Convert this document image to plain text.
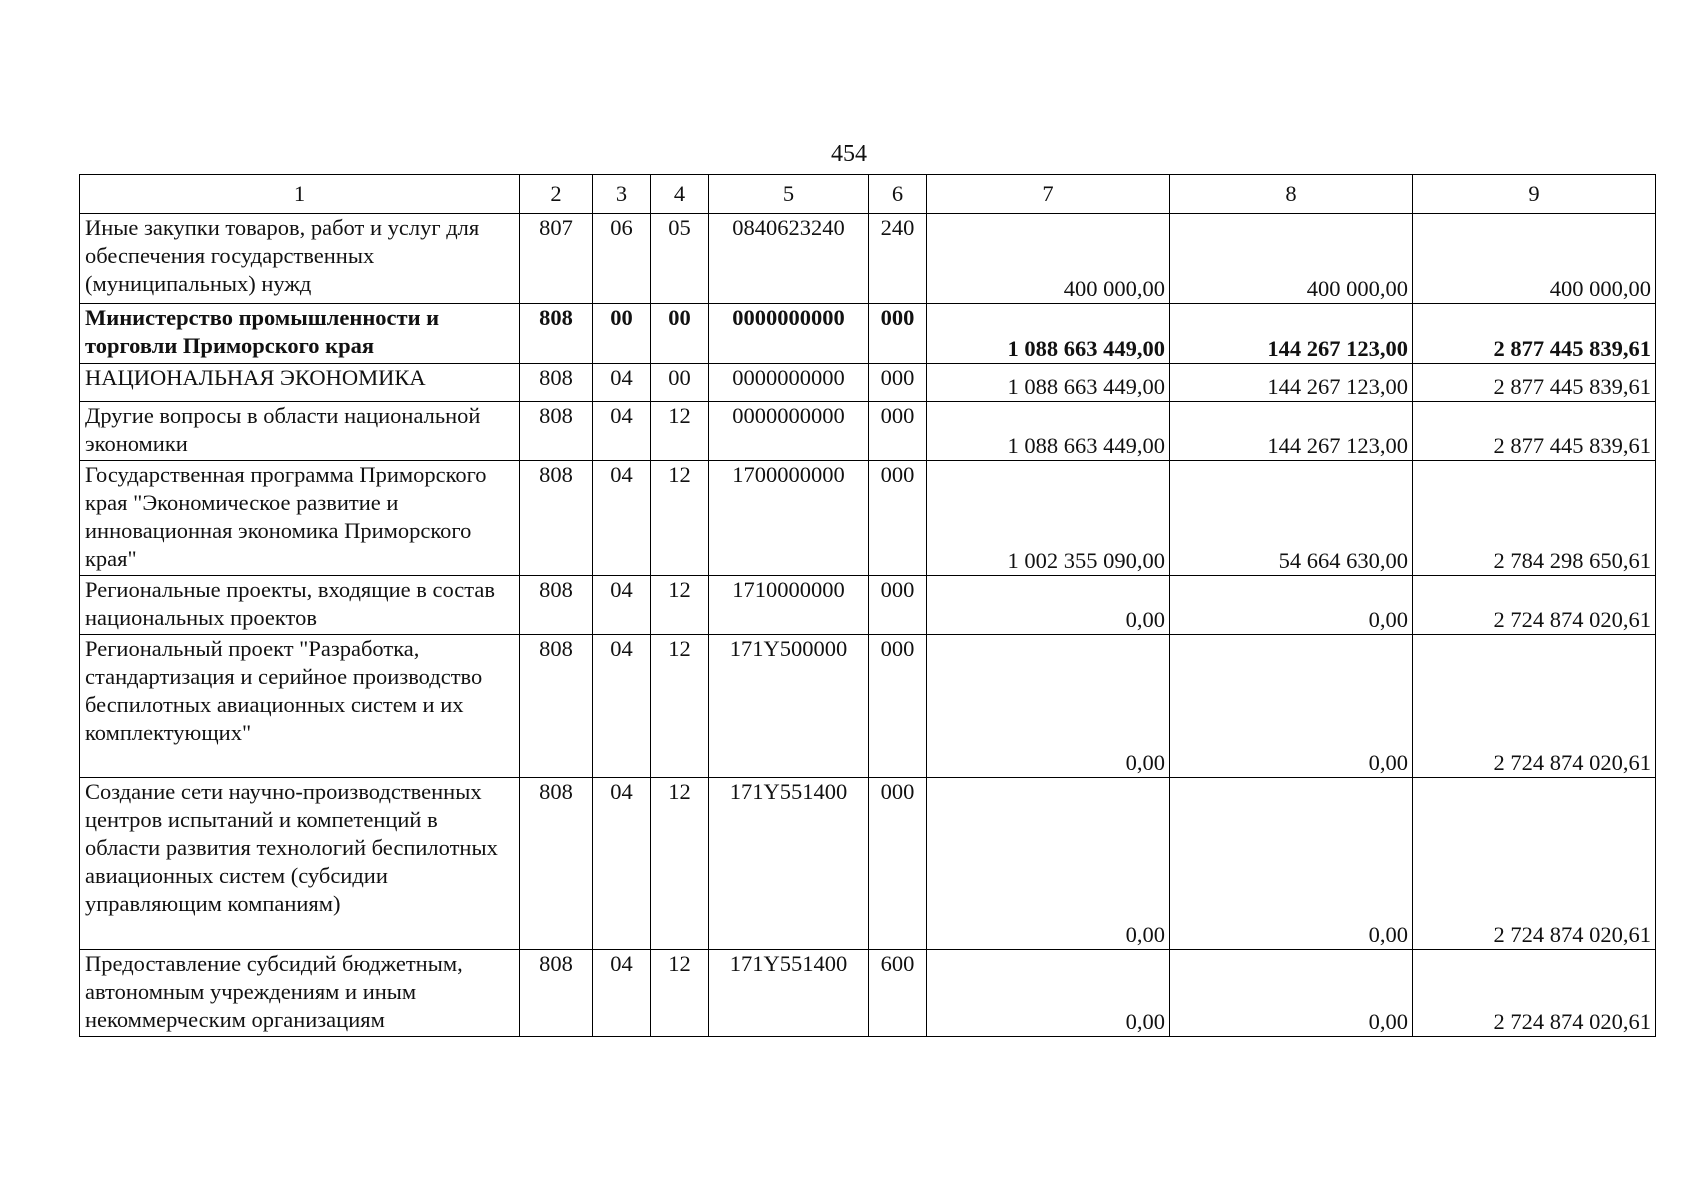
454
1	2	3	4	5	6	7	8	9
Иные закупки товаров, работ и услуг для обеспечения государственных (муниципальных) нужд	807	06	05	0840623240	240	400 000,00	400 000,00	400 000,00
Министерство промышленности и торговли Приморского края	808	00	00	0000000000	000	1 088 663 449,00	144 267 123,00	2 877 445 839,61
НАЦИОНАЛЬНАЯ ЭКОНОМИКА	808	04	00	0000000000	000	1 088 663 449,00	144 267 123,00	2 877 445 839,61
Другие вопросы в области национальной экономики	808	04	12	0000000000	000	1 088 663 449,00	144 267 123,00	2 877 445 839,61
Государственная программа Приморского края "Экономическое развитие и инновационная экономика Приморского края"	808	04	12	1700000000	000	1 002 355 090,00	54 664 630,00	2 784 298 650,61
Региональные проекты, входящие в состав национальных проектов	808	04	12	1710000000	000	0,00	0,00	2 724 874 020,61
Региональный проект "Разработка, стандартизация и серийное производство беспилотных авиационных систем и их комплектующих"	808	04	12	171Y500000	000	0,00	0,00	2 724 874 020,61
Создание сети научно-производственных центров испытаний и компетенций в области развития технологий беспилотных авиационных систем (субсидии управляющим компаниям)	808	04	12	171Y551400	000	0,00	0,00	2 724 874 020,61
Предоставление субсидий бюджетным, автономным учреждениям и иным некоммерческим организациям	808	04	12	171Y551400	600	0,00	0,00	2 724 874 020,61
